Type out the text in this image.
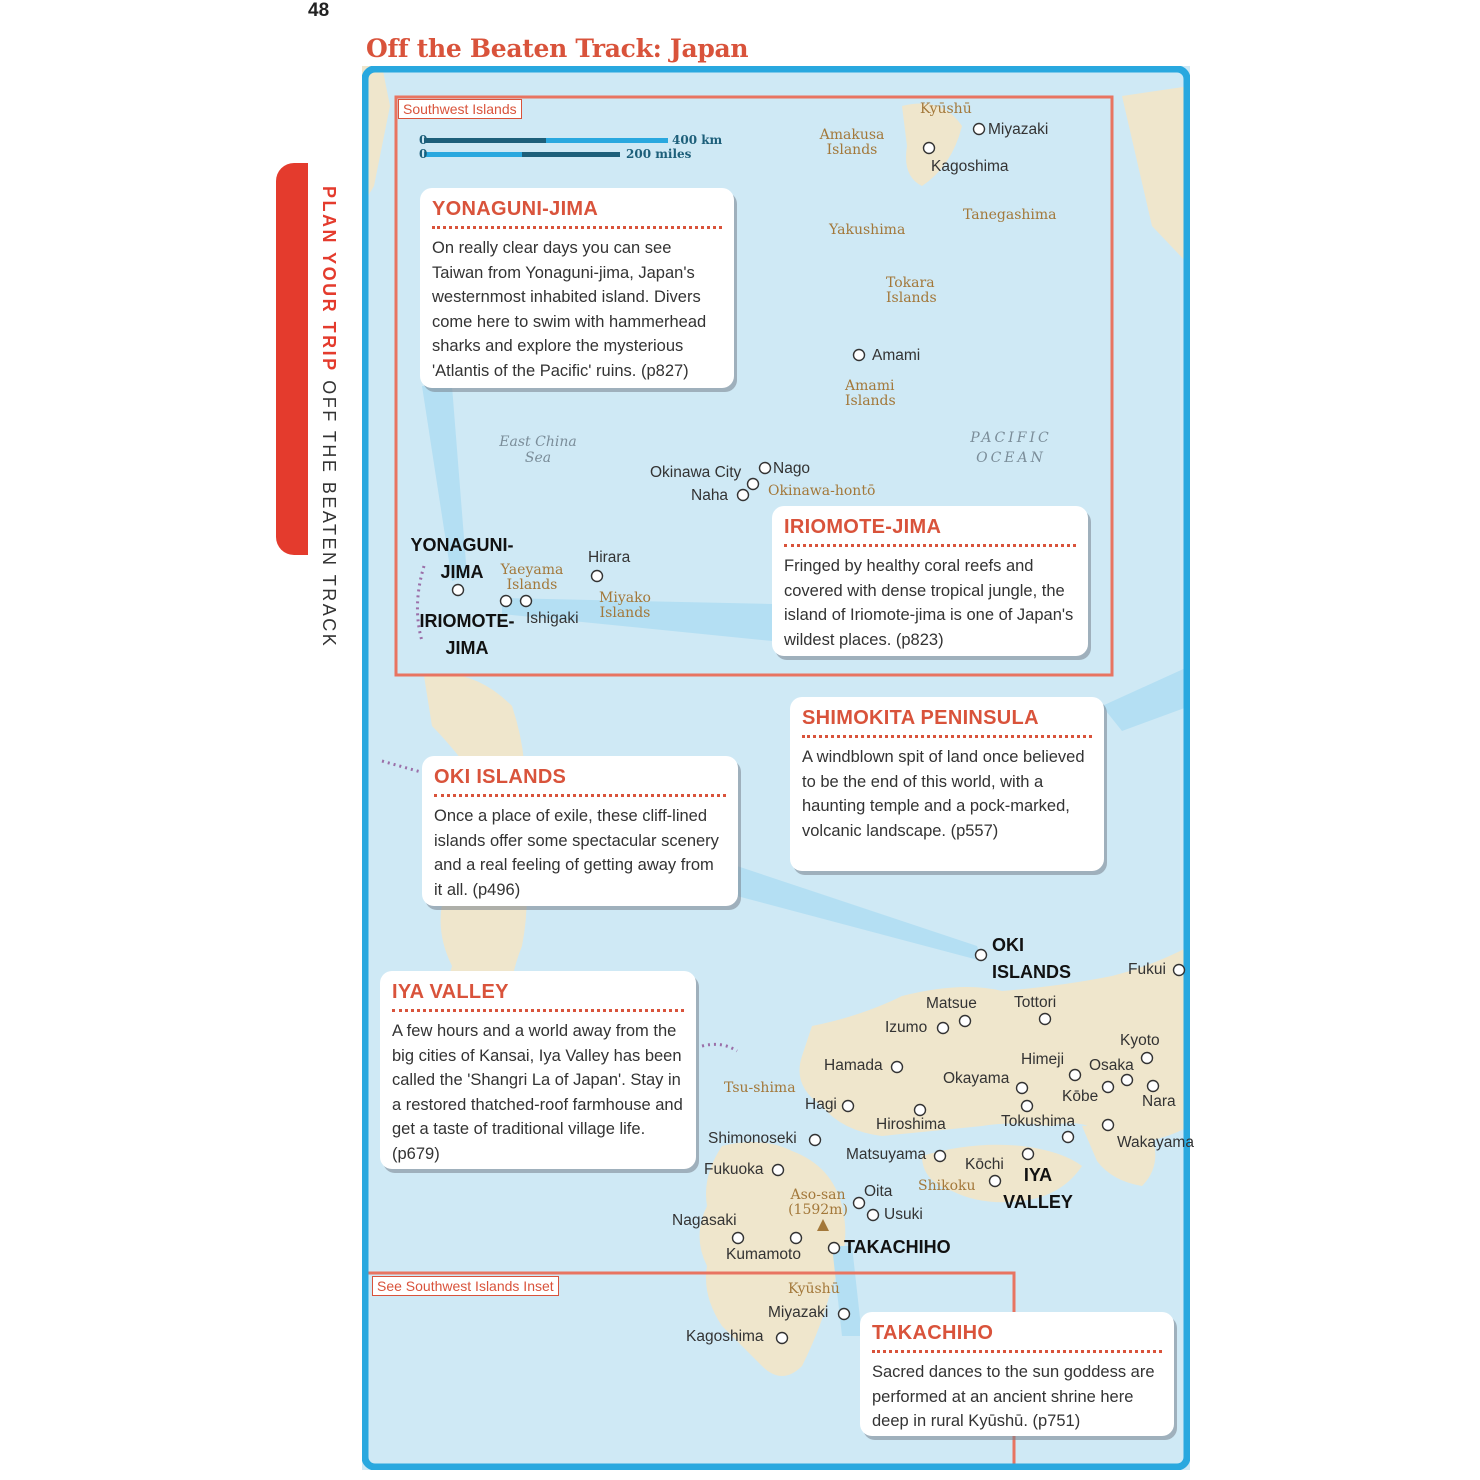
48
Off the Beaten Track: Japan
PLAN YOUR TRIP OFF THE BEATEN TRACK
Southwest Islands
0	400 km
0	200 miles
See Southwest Islands Inset
Kyūshū
Miyazaki
Amakusa Islands
Kagoshima
Tanegashima
Yakushima
Tokara Islands
Amami
Amami Islands
East China Sea
PACIFIC OCEAN
Okinawa City Nago
Naha	Okinawa-hontō
YONAGUNI- JIMA	Yaeyama Islands
Hirara
Miyako Islands
IRIOMOTE- JIMA
Ishigaki
OKI ISLANDS	Fukui
Matsue Tottori
Izumo
Kyoto
Hamada	Himeji Osaka
Okayama
Tsu-shima	Kōbe	Nara
Hagi
Hiroshima	Tokushima
Shimonoseki	Wakayama
Matsuyama
Kōchi
IYA VALLEY
Fukuoka
Oita Shikoku
Aso-san (1592m) Usuki
Nagasaki
Kumamoto TAKACHIHO
Kyūshū
Miyazaki
Kagoshima
YONAGUNI-JIMA

On really clear days you can see Taiwan from Yonaguni-jima, Japan's westernmost inhabited island. Divers come here to swim with hammerhead sharks and explore the mysterious 'Atlantis of the Pacific' ruins. (p827)

IRIOMOTE-JIMA

Fringed by healthy coral reefs and covered with dense tropical jungle, the island of Iriomote-jima is one of Japan's wildest places. (p823)

SHIMOKITA PENINSULA

A windblown spit of land once believed to be the end of this world, with a haunting temple and a pock-marked, volcanic landscape. (p557)

OKI ISLANDS

Once a place of exile, these cliff-lined islands offer some spectacular scenery and a real feeling of getting away from it all. (p496)

IYA VALLEY

A few hours and a world away from the big cities of Kansai, Iya Valley has been called the 'Shangri La of Japan'. Stay in a restored thatched-roof farmhouse and get a taste of traditional village life. (p679)

TAKACHIHO

Sacred dances to the sun goddess are performed at an ancient shrine here deep in rural Kyūshū. (p751)
